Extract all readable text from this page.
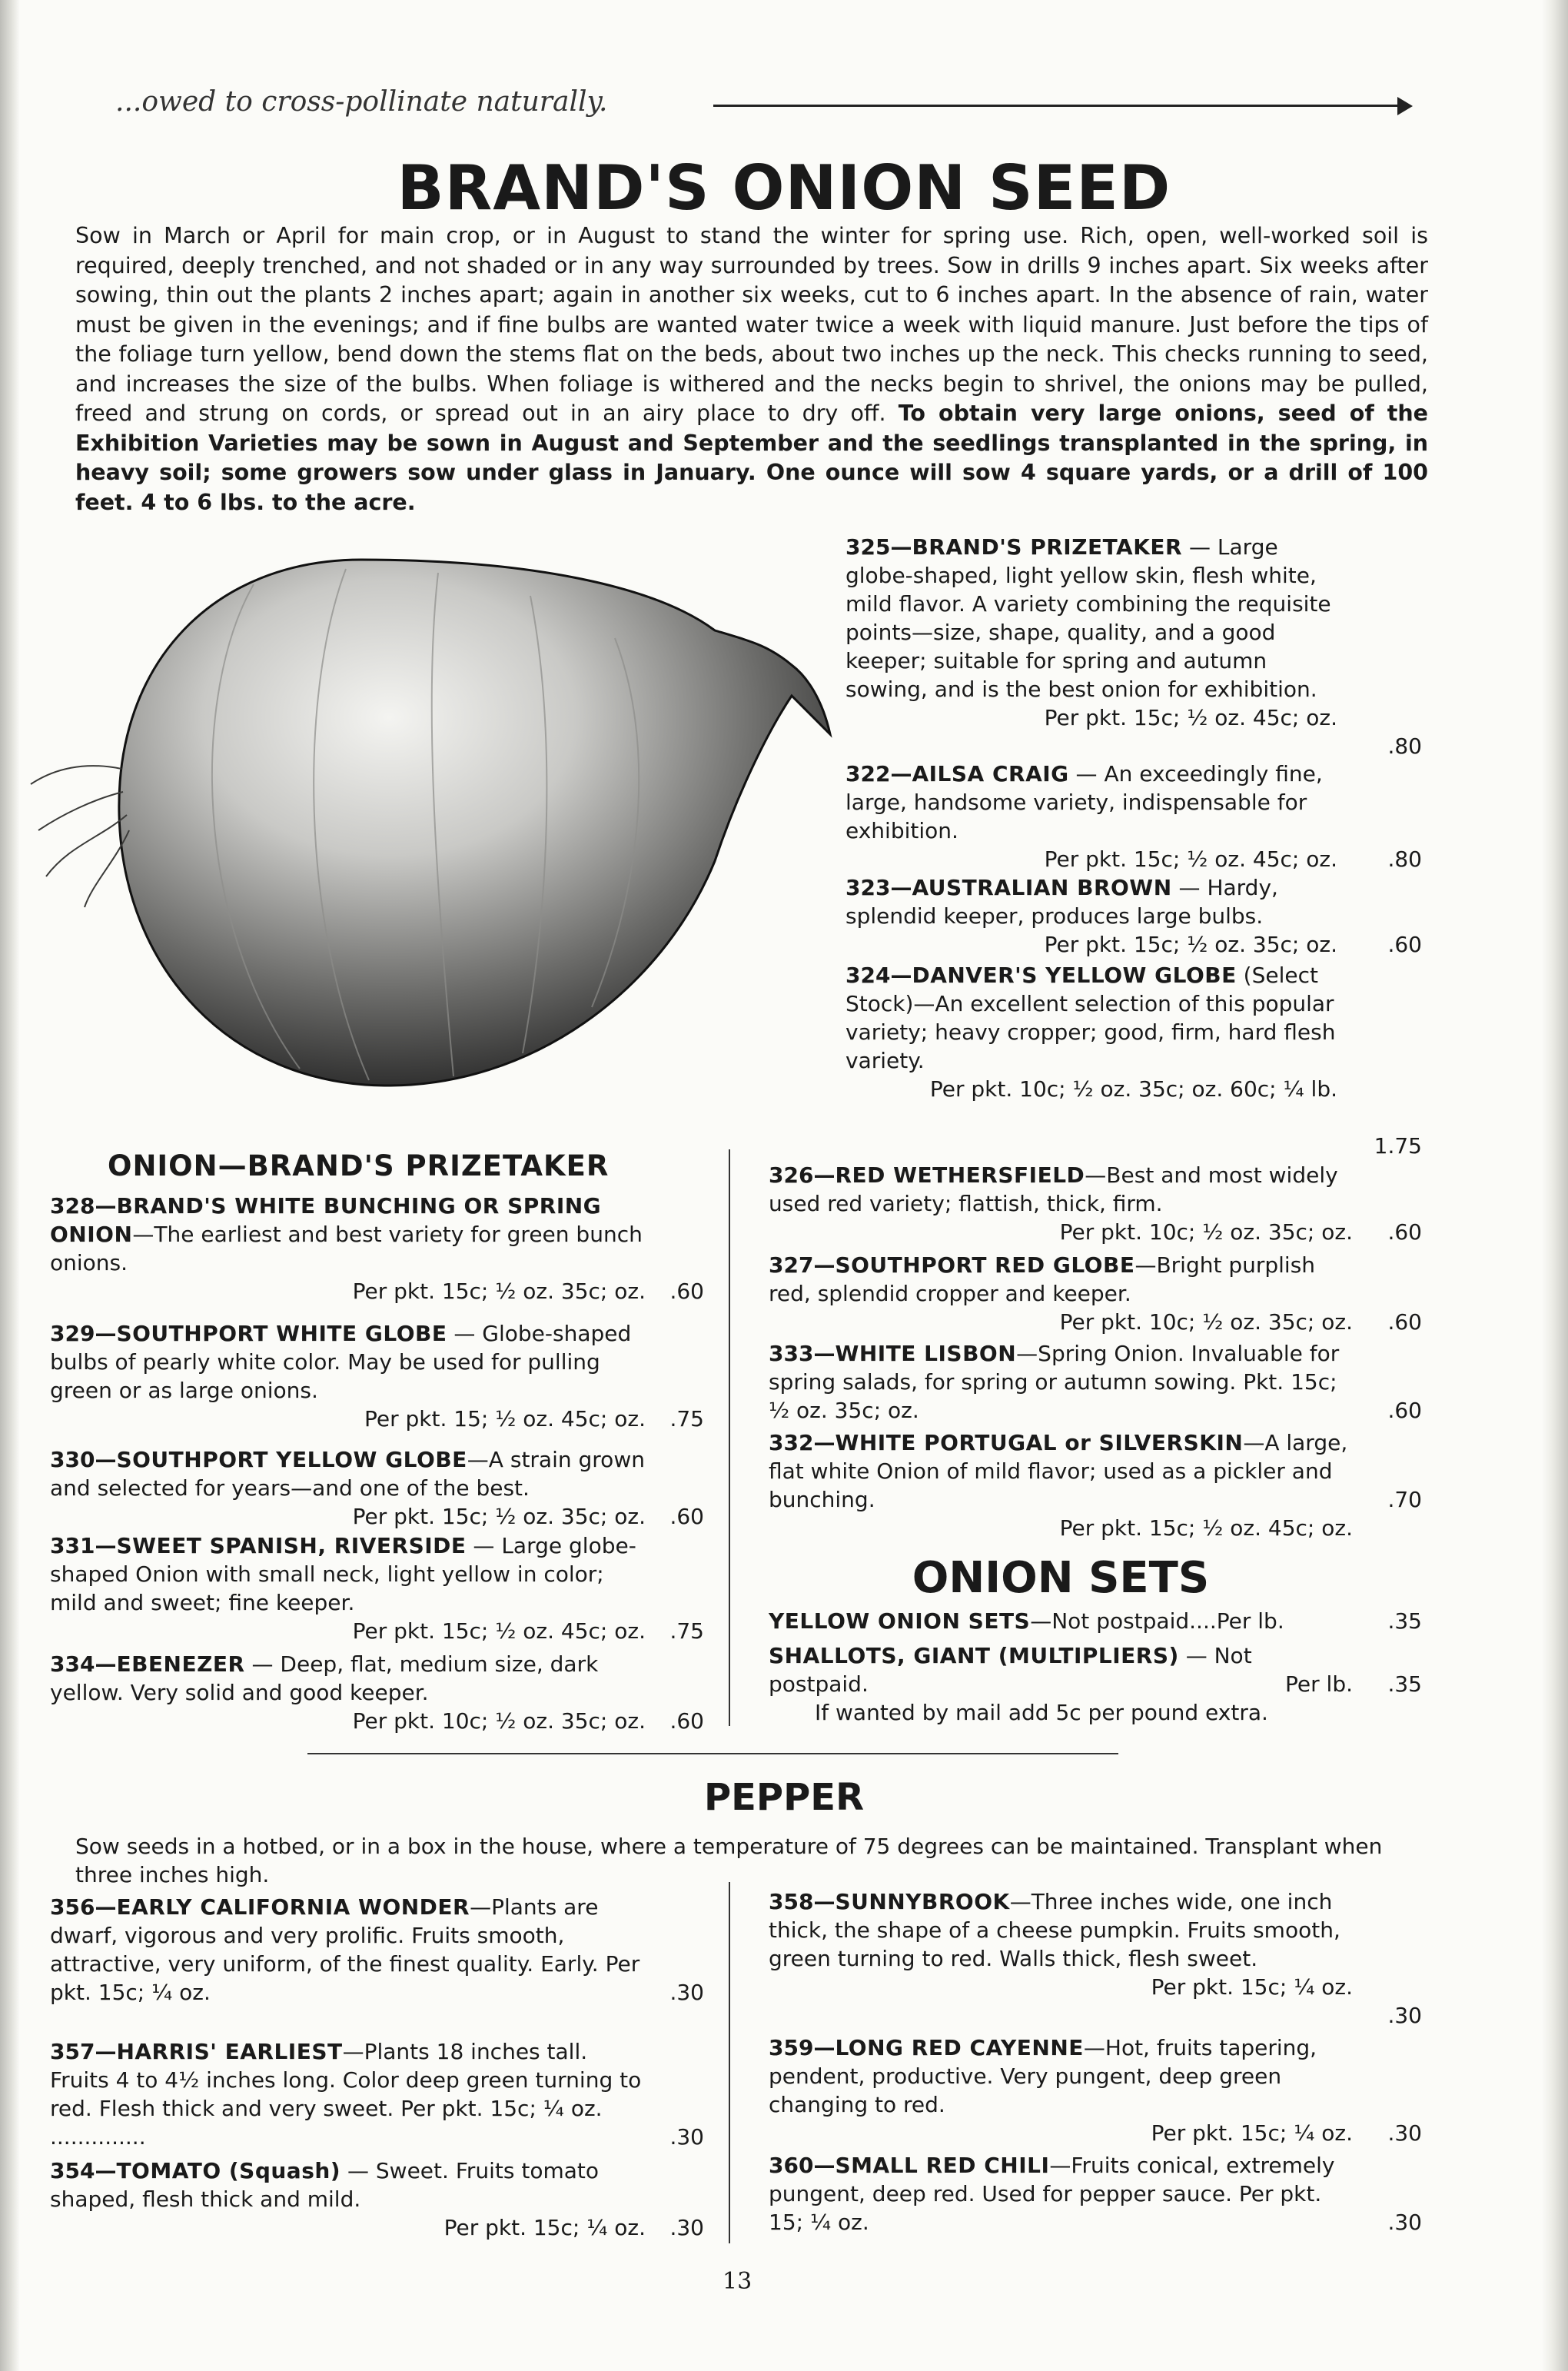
...owed to cross-pollinate naturally.
BRAND'S ONION SEED
Sow in March or April for main crop, or in August to stand the winter for spring use. Rich, open, well-worked soil is required, deeply trenched, and not shaded or in any way surrounded by trees. Sow in drills 9 inches apart. Six weeks after sowing, thin out the plants 2 inches apart; again in another six weeks, cut to 6 inches apart. In the absence of rain, water must be given in the evenings; and if fine bulbs are wanted water twice a week with liquid manure. Just before the tips of the foliage turn yellow, bend down the stems flat on the beds, about two inches up the neck. This checks running to seed, and increases the size of the bulbs. When foliage is withered and the necks begin to shrivel, the onions may be pulled, freed and strung on cords, or spread out in an airy place to dry off. To obtain very large onions, seed of the Exhibition Varieties may be sown in August and September and the seedlings transplanted in the spring, in heavy soil; some growers sow under glass in January. One ounce will sow 4 square yards, or a drill of 100 feet. 4 to 6 lbs. to the acre.
ONION—BRAND'S PRIZETAKER
328—BRAND'S WHITE BUNCHING OR SPRING ONION—The earliest and best variety for green bunch onions.
Per pkt. 15c; ½ oz. 35c; oz.	.60
329—SOUTHPORT WHITE GLOBE — Globe-shaped bulbs of pearly white color. May be used for pulling green or as large onions.
Per pkt. 15; ½ oz. 45c; oz.	.75
330—SOUTHPORT YELLOW GLOBE—A strain grown and selected for years—and one of the best.
Per pkt. 15c; ½ oz. 35c; oz.	.60
331—SWEET SPANISH, RIVERSIDE — Large globe-shaped Onion with small neck, light yellow in color; mild and sweet; fine keeper.
Per pkt. 15c; ½ oz. 45c; oz.	.75
334—EBENEZER — Deep, flat, medium size, dark yellow. Very solid and good keeper.
Per pkt. 10c; ½ oz. 35c; oz.	.60
325—BRAND'S PRIZETAKER — Large globe-shaped, light yellow skin, flesh white, mild flavor. A variety combining the requisite points—size, shape, quality, and a good keeper; suitable for spring and autumn sowing, and is the best onion for exhibition.
Per pkt. 15c; ½ oz. 45c; oz.
.80
322—AILSA CRAIG — An exceedingly fine, large, handsome variety, indispensable for exhibition.
Per pkt. 15c; ½ oz. 45c; oz.	.80
323—AUSTRALIAN BROWN — Hardy, splendid keeper, produces large bulbs.
Per pkt. 15c; ½ oz. 35c; oz.	.60
324—DANVER'S YELLOW GLOBE (Select Stock)—An excellent selection of this popular variety; heavy cropper; good, firm, hard flesh variety.
Per pkt. 10c; ½ oz. 35c; oz. 60c; ¼ lb.
1.75
326—RED WETHERSFIELD—Best and most widely used red variety; flattish, thick, firm.
Per pkt. 10c; ½ oz. 35c; oz.	.60
327—SOUTHPORT RED GLOBE—Bright purplish red, splendid cropper and keeper.
Per pkt. 10c; ½ oz. 35c; oz.	.60
333—WHITE LISBON—Spring Onion. Invaluable for spring salads, for spring or autumn sowing. Pkt. 15c; ½ oz. 35c; oz.	.60
332—WHITE PORTUGAL or SILVERSKIN—A large, flat white Onion of mild flavor; used as a pickler and bunching.
Per pkt. 15c; ½ oz. 45c; oz.
.70
ONION SETS
YELLOW ONION SETS—Not postpaid....Per lb.	.35
SHALLOTS, GIANT (MULTIPLIERS) — Not postpaid.	Per lb.	.35
If wanted by mail add 5c per pound extra.
PEPPER
Sow seeds in a hotbed, or in a box in the house, where a temperature of 75 degrees can be maintained. Transplant when three inches high.
356—EARLY CALIFORNIA WONDER—Plants are dwarf, vigorous and very prolific. Fruits smooth, attractive, very uniform, of the finest quality. Early. Per pkt. 15c; ¼ oz.	.30
357—HARRIS' EARLIEST—Plants 18 inches tall. Fruits 4 to 4½ inches long. Color deep green turning to red. Flesh thick and very sweet. Per pkt. 15c; ¼ oz. ..............	.30
354—TOMATO (Squash) — Sweet. Fruits tomato shaped, flesh thick and mild.
Per pkt. 15c; ¼ oz.	.30
358—SUNNYBROOK—Three inches wide, one inch thick, the shape of a cheese pumpkin. Fruits smooth, green turning to red. Walls thick, flesh sweet.
Per pkt. 15c; ¼ oz.
.30
359—LONG RED CAYENNE—Hot, fruits tapering, pendent, productive. Very pungent, deep green changing to red.
Per pkt. 15c; ¼ oz.	.30
360—SMALL RED CHILI—Fruits conical, extremely pungent, deep red. Used for pepper sauce. Per pkt. 15; ¼ oz.	.30
13
